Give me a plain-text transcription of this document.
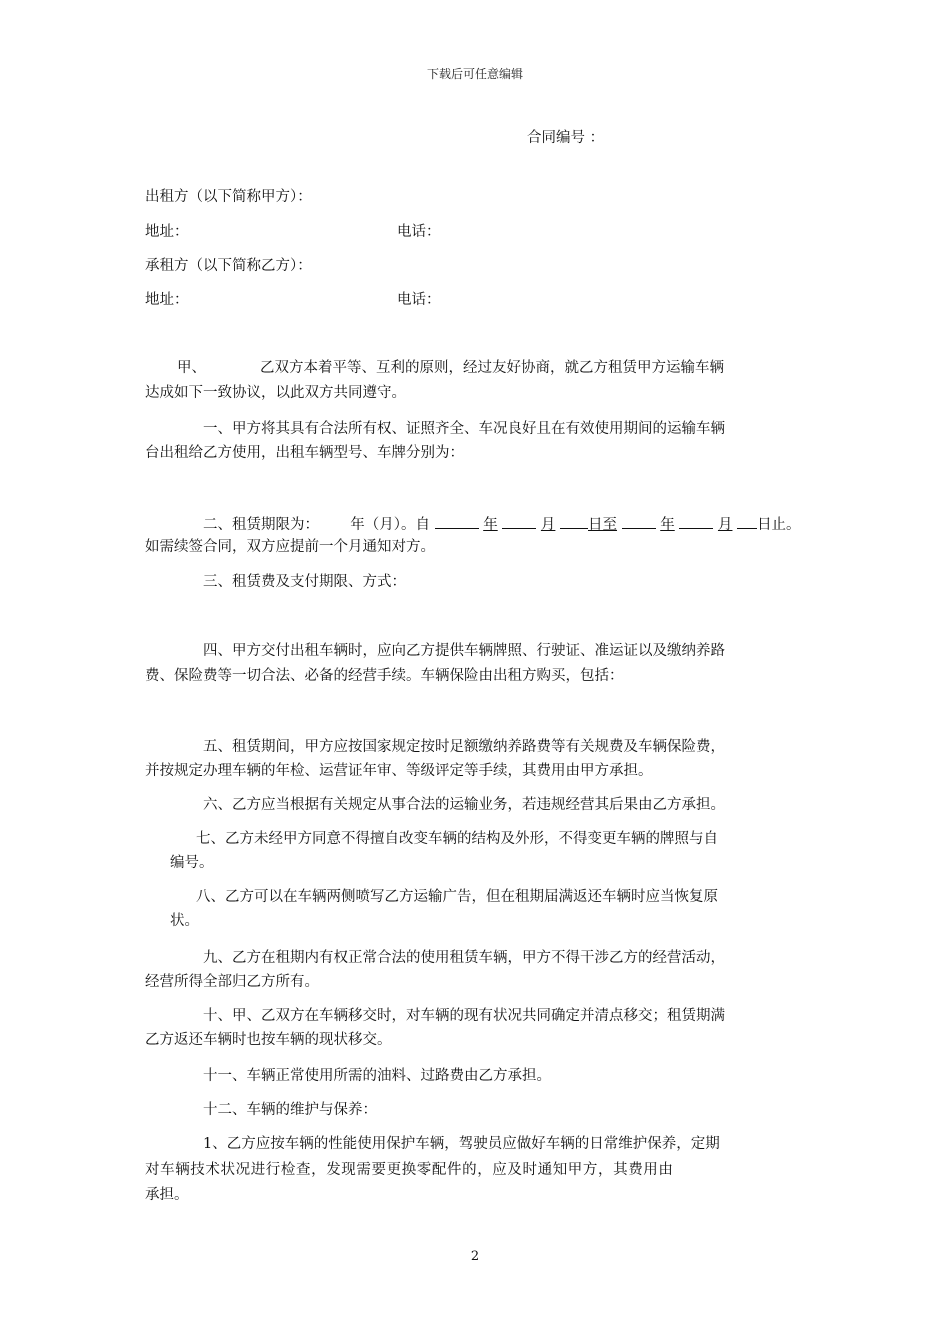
下载后可任意编辑
合同编号 ：
出租方（以下简称甲方）：
地址：	电话：
承租方（以下简称乙方）：
地址：	电话：
甲、	乙双方本着平等、互利的原则，经过友好协商，就乙方租赁甲方运输车辆
达成如下一致协议，以此双方共同遵守。
一、甲方将其具有合法所有权、证照齐全、车况良好且在有效使用期间的运输车辆
台出租给乙方使用，出租车辆型号、车牌分别为：
二、租赁期限为： 年（月）。自	年	月 日至	年	月 日止。
如需续签合同，双方应提前一个月通知对方。
三、租赁费及支付期限、方式：
四、甲方交付出租车辆时，应向乙方提供车辆牌照、行驶证、准运证以及缴纳养路
费、保险费等一切合法、必备的经营手续。车辆保险由出租方购买，包括：
五、租赁期间，甲方应按国家规定按时足额缴纳养路费等有关规费及车辆保险费，
并按规定办理车辆的年检、运营证年审、等级评定等手续，其费用由甲方承担。
六、乙方应当根据有关规定从事合法的运输业务，若违规经营其后果由乙方承担。
七、乙方未经甲方同意不得擅自改变车辆的结构及外形，不得变更车辆的牌照与自
编号。
八、乙方可以在车辆两侧喷写乙方运输广告，但在租期届满返还车辆时应当恢复原
状。
九、乙方在租期内有权正常合法的使用租赁车辆，甲方不得干涉乙方的经营活动，
经营所得全部归乙方所有。
十、甲、乙双方在车辆移交时，对车辆的现有状况共同确定并清点移交；租赁期满
乙方返还车辆时也按车辆的现状移交。
十一、车辆正常使用所需的油料、过路费由乙方承担。
十二、车辆的维护与保养：
1、乙方应按车辆的性能使用保护车辆，驾驶员应做好车辆的日常维护保养，定期
对车辆技术状况进行检查，发现需要更换零配件的，应及时通知甲方，其费用由
承担。
2
